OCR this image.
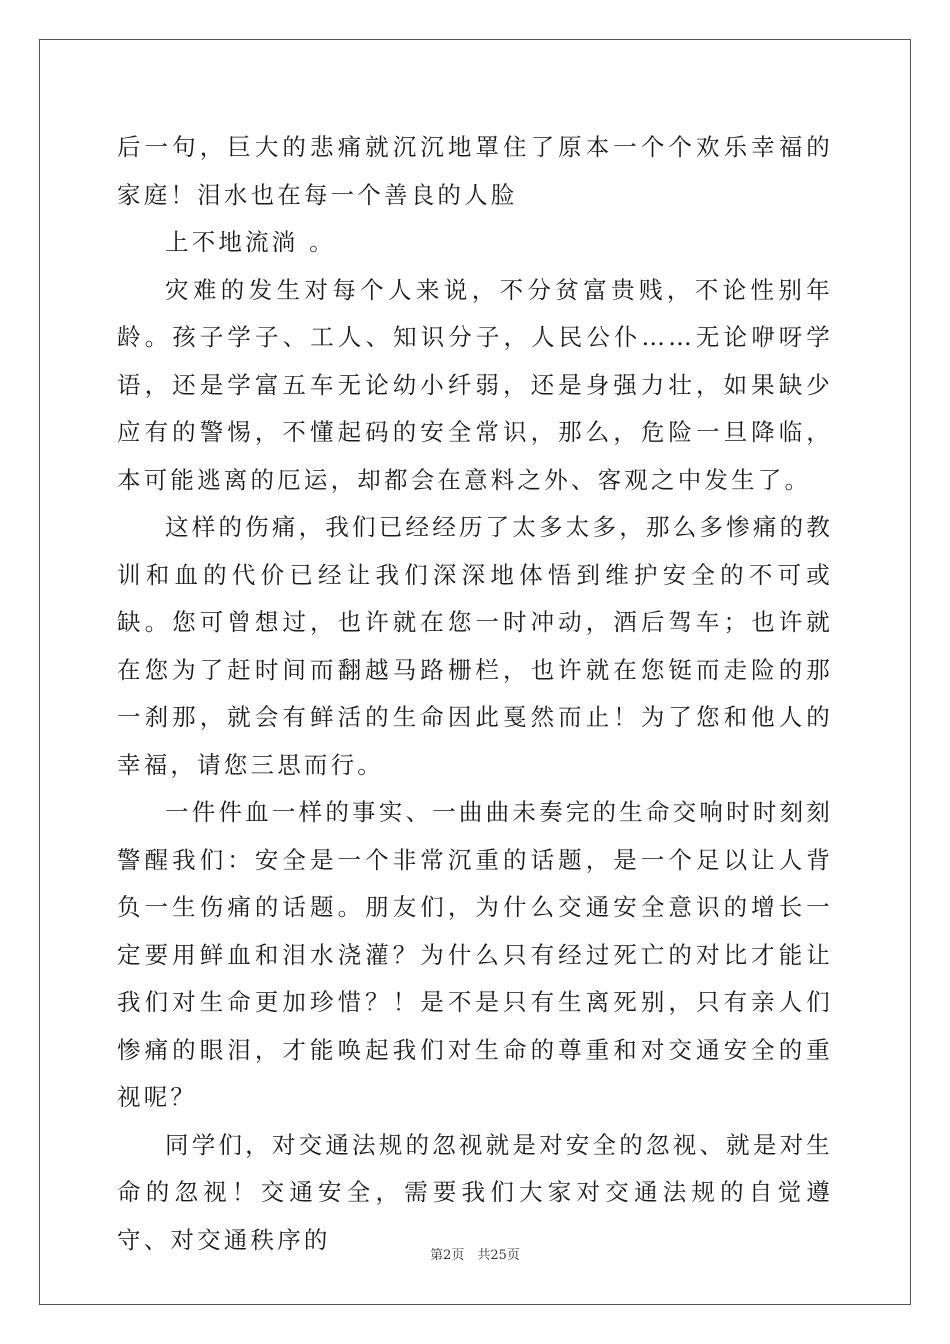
后一句，巨大的悲痛就沉沉地罩住了原本一个个欢乐幸福的家庭！泪水也在每一个善良的人脸

上不地流淌 。

灾难的发生对每个人来说，不分贫富贵贱，不论性别年龄。孩子学子、工人、知识分子，人民公仆……无论咿呀学语，还是学富五车无论幼小纤弱，还是身强力壮，如果缺少应有的警惕，不懂起码的安全常识，那么，危险一旦降临，本可能逃离的厄运，却都会在意料之外、客观之中发生了。

这样的伤痛，我们已经经历了太多太多，那么多惨痛的教训和血的代价已经让我们深深地体悟到维护安全的不可或缺。您可曾想过，也许就在您一时冲动，酒后驾车；也许就在您为了赶时间而翻越马路栅栏，也许就在您铤而走险的那一刹那，就会有鲜活的生命因此戛然而止！为了您和他人的幸福，请您三思而行。

一件件血一样的事实、一曲曲未奏完的生命交响时时刻刻警醒我们：安全是一个非常沉重的话题，是一个足以让人背负一生伤痛的话题。朋友们，为什么交通安全意识的增长一定要用鲜血和泪水浇灌？为什么只有经过死亡的对比才能让我们对生命更加珍惜？！是不是只有生离死别，只有亲人们惨痛的眼泪，才能唤起我们对生命的尊重和对交通安全的重视呢？

同学们，对交通法规的忽视就是对安全的忽视、就是对生命的忽视！交通安全，需要我们大家对交通法规的自觉遵守、对交通秩序的

第2页　共25页
